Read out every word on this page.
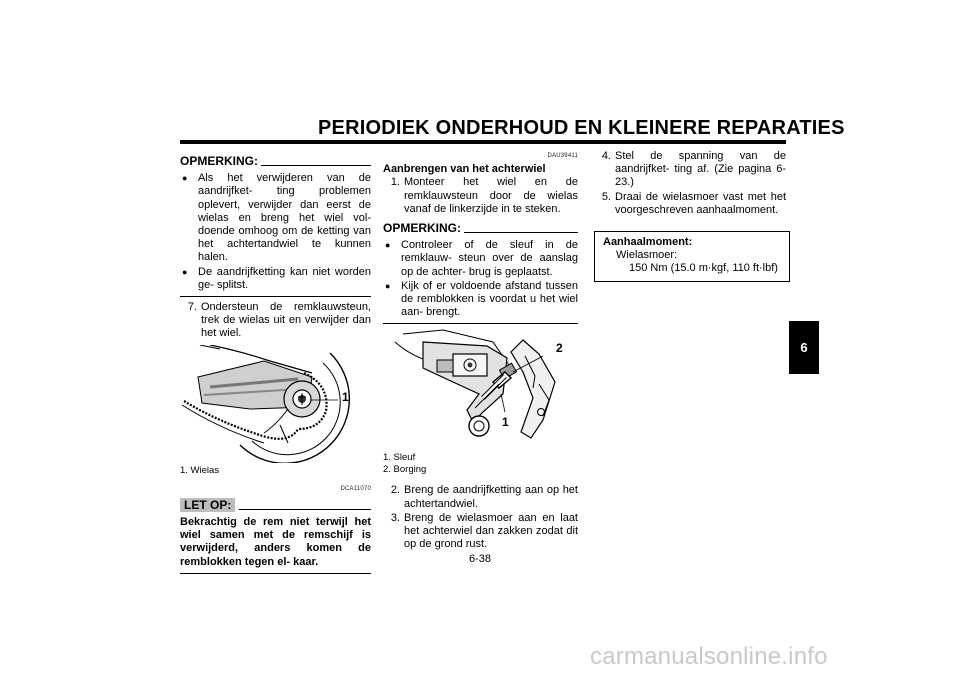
PERIODIEK ONDERHOUD EN KLEINERE REPARATIES
OPMERKING:
● Als het verwijderen van de aandrijfket- ting problemen oplevert, verwijder dan eerst de wielas en breng het wiel vol- doende omhoog om de ketting van het achtertandwiel te kunnen halen.
● De aandrijfketting kan niet worden ge- splitst.
7. Ondersteun de remklauwsteun, trek de wielas uit en verwijder dan het wiel.
1
1. Wielas
DCA11070
LET OP:
Bekrachtig de rem niet terwijl het wiel samen met de remschijf is verwijderd, anders komen de remblokken tegen el- kaar.
DAU39411
Aanbrengen van het achterwiel
1. Monteer het wiel en de remklauwsteun door de wielas vanaf de linkerzijde in te steken.
OPMERKING:
● Controleer of de sleuf in de remklauw- steun over de aanslag op de achter- brug is geplaatst.
● Kijk of er voldoende afstand tussen de remblokken is voordat u het wiel aan- brengt.
2
1
1. Sleuf
2. Borging
2. Breng de aandrijfketting aan op het achtertandwiel.
3. Breng de wielasmoer aan en laat het achterwiel dan zakken zodat dit op de grond rust.
4. Stel de spanning van de aandrijfket- ting af. (Zie pagina 6-23.)
5. Draai de wielasmoer vast met het voorgeschreven aanhaalmoment.
Aanhaalmoment:
Wielasmoer:
150 Nm (15.0 m·kgf, 110 ft·lbf)
6-38
6
carmanualsonline.info
